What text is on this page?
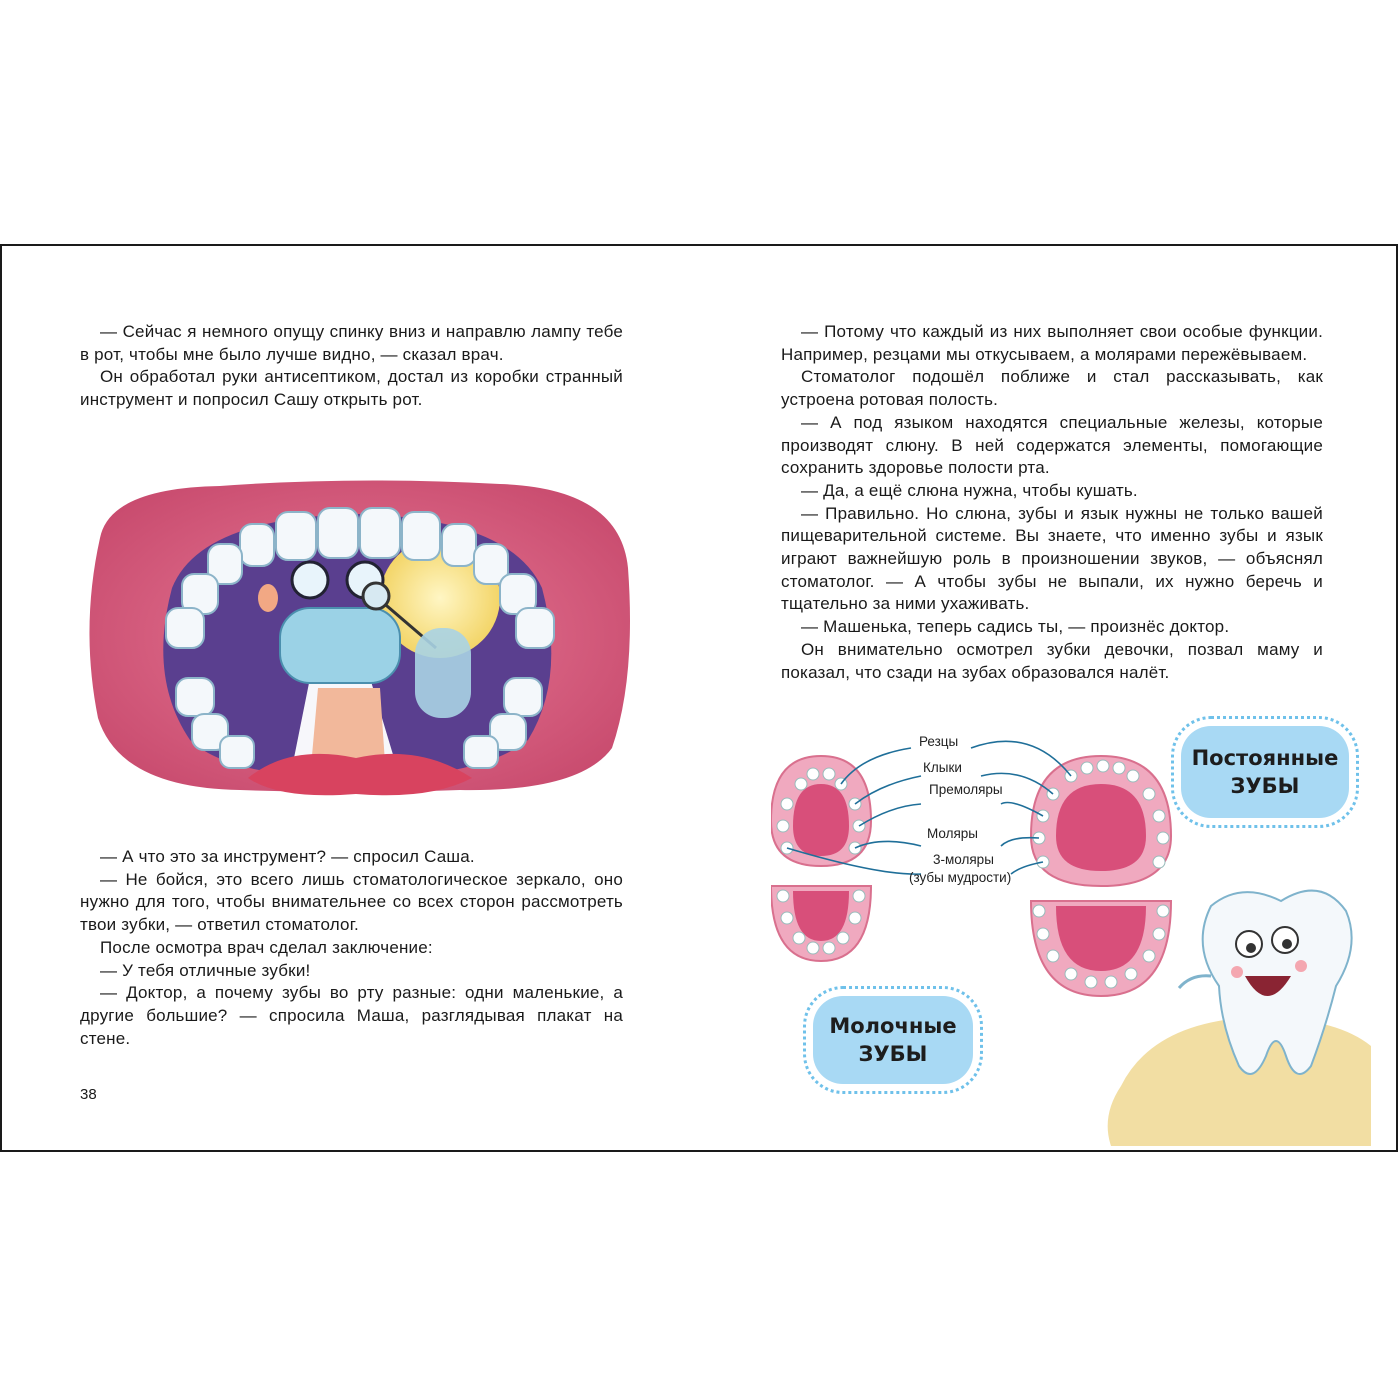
— Сейчас я немного опущу спинку вниз и направлю лампу тебе в рот, чтобы мне было лучше видно, — сказал врач.

Он обработал руки антисептиком, достал из коробки странный инструмент и попросил Сашу открыть рот.

— А что это за инструмент? — спросил Саша.

— Не бойся, это всего лишь стоматологическое зеркало, оно нужно для того, чтобы внимательнее со всех сторон рассмотреть твои зубки, — ответил стоматолог.

После осмотра врач сделал заключение:

— У тебя отличные зубки!

— Доктор, а почему зубы во рту разные: одни маленькие, а другие большие? — спросила Маша, разглядывая плакат на стене.

38

— Потому что каждый из них выполняет свои особые функции. Например, резцами мы откусываем, а молярами пережёвываем.

Стоматолог подошёл поближе и стал рассказывать, как устроена ротовая полость.

— А под языком находятся специальные железы, которые производят слюну. В ней содержатся элементы, помогающие сохранить здоровье полости рта.

— Да, а ещё слюна нужна, чтобы кушать.

— Правильно. Но слюна, зубы и язык нужны не только вашей пищеварительной системе. Вы знаете, что именно зубы и язык играют важнейшую роль в произношении звуков, — объяснял стоматолог. — А чтобы зубы не выпали, их нужно беречь и тщательно за ними ухаживать.

— Машенька, теперь садись ты, — произнёс доктор.

Он внимательно осмотрел зубки девочки, позвал маму и показал, что сзади на зубах образовался налёт.

Резцы
Клыки
Премоляры
Моляры
3-моляры
(зубы мудрости)
Постоянные
ЗУБЫ
Молочные
ЗУБЫ
